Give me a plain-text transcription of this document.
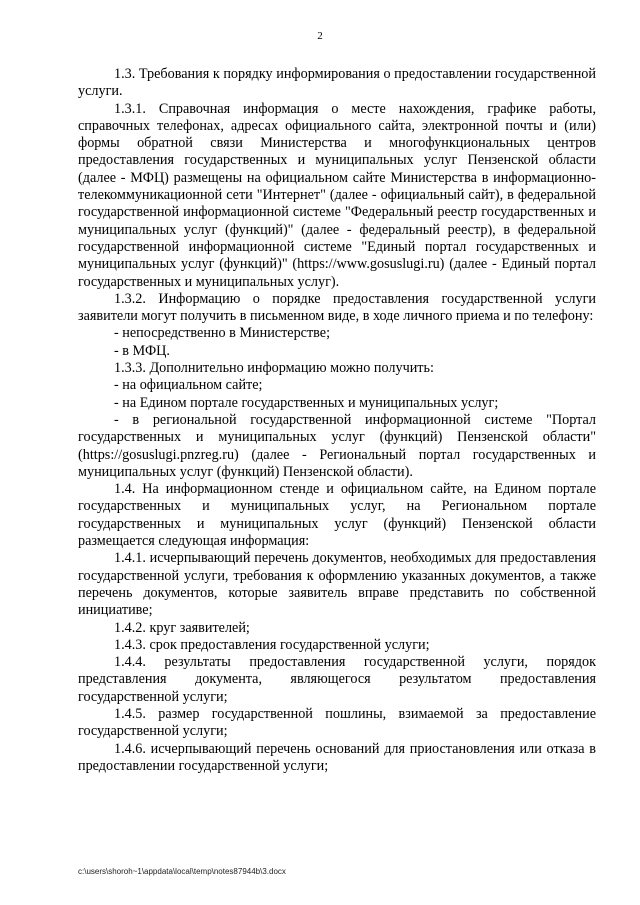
2

1.3. Требования к порядку информирования о предоставлении государственной услуги.

1.3.1. Справочная информация о месте нахождения, графике работы, справочных телефонах, адресах официального сайта, электронной почты и (или) формы обратной связи Министерства и многофункциональных центров предоставления государственных и муниципальных услуг Пензенской области (далее - МФЦ) размещены на официальном сайте Министерства в информационно-телекоммуникационной сети "Интернет" (далее - официальный сайт), в федеральной государственной информационной системе "Федеральный реестр государственных и муниципальных услуг (функций)" (далее - федеральный реестр), в федеральной государственной информационной системе "Единый портал государственных и муниципальных услуг (функций)" (https://www.gosuslugi.ru) (далее - Единый портал государственных и муниципальных услуг).

1.3.2. Информацию о порядке предоставления государственной услуги заявители могут получить в письменном виде, в ходе личного приема и по телефону:

- непосредственно в Министерстве;

- в МФЦ.

1.3.3. Дополнительно информацию можно получить:

- на официальном сайте;

- на Едином портале государственных и муниципальных услуг;

- в региональной государственной информационной системе "Портал государственных и муниципальных услуг (функций) Пензенской области" (https://gosuslugi.pnzreg.ru) (далее - Региональный портал государственных и муниципальных услуг (функций) Пензенской области).

1.4. На информационном стенде и официальном сайте, на Едином портале государственных и муниципальных услуг, на Региональном портале государственных и муниципальных услуг (функций) Пензенской области размещается следующая информация:

1.4.1. исчерпывающий перечень документов, необходимых для предоставления государственной услуги, требования к оформлению указанных документов, а также перечень документов, которые заявитель вправе представить по собственной инициативе;

1.4.2. круг заявителей;

1.4.3. срок предоставления государственной услуги;

1.4.4. результаты предоставления государственной услуги, порядок представления документа, являющегося результатом предоставления государственной услуги;

1.4.5. размер государственной пошлины, взимаемой за предоставление государственной услуги;

1.4.6. исчерпывающий перечень оснований для приостановления или отказа в предоставлении государственной услуги;

c:\users\shoroh~1\appdata\local\temp\notes87944b\3.docx
